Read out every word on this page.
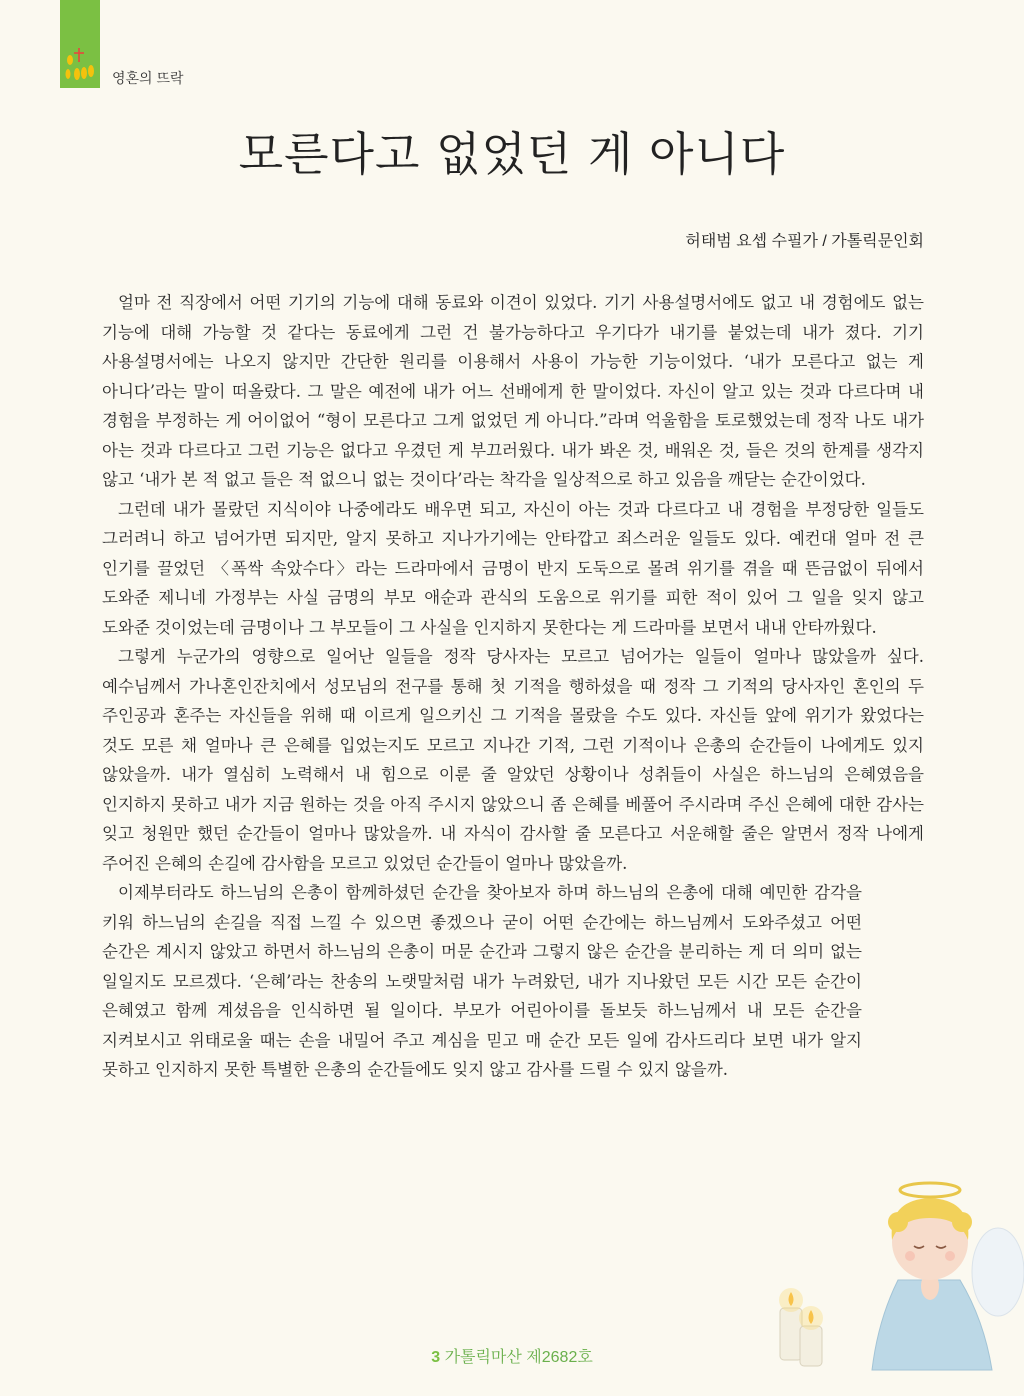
영혼의 뜨락
모른다고 없었던 게 아니다
허태범 요셉 수필가 / 가톨릭문인회

얼마 전 직장에서 어떤 기기의 기능에 대해 동료와 이견이 있었다. 기기 사용설명서에도 없고 내 경험에도 없는 기능에 대해 가능할 것 같다는 동료에게 그런 건 불가능하다고 우기다가 내기를 붙었는데 내가 졌다. 기기 사용설명서에는 나오지 않지만 간단한 원리를 이용해서 사용이 가능한 기능이었다. ‘내가 모른다고 없는 게 아니다’라는 말이 떠올랐다. 그 말은 예전에 내가 어느 선배에게 한 말이었다. 자신이 알고 있는 것과 다르다며 내 경험을 부정하는 게 어이없어 “형이 모른다고 그게 없었던 게 아니다.”라며 억울함을 토로했었는데 정작 나도 내가 아는 것과 다르다고 그런 기능은 없다고 우겼던 게 부끄러웠다. 내가 봐온 것, 배워온 것, 들은 것의 한계를 생각지 않고 ‘내가 본 적 없고 들은 적 없으니 없는 것이다’라는 착각을 일상적으로 하고 있음을 깨닫는 순간이었다.

그런데 내가 몰랐던 지식이야 나중에라도 배우면 되고, 자신이 아는 것과 다르다고 내 경험을 부정당한 일들도 그러려니 하고 넘어가면 되지만, 알지 못하고 지나가기에는 안타깝고 죄스러운 일들도 있다. 예컨대 얼마 전 큰 인기를 끌었던 〈폭싹 속았수다〉라는 드라마에서 금명이 반지 도둑으로 몰려 위기를 겪을 때 뜬금없이 뒤에서 도와준 제니네 가정부는 사실 금명의 부모 애순과 관식의 도움으로 위기를 피한 적이 있어 그 일을 잊지 않고 도와준 것이었는데 금명이나 그 부모들이 그 사실을 인지하지 못한다는 게 드라마를 보면서 내내 안타까웠다.

그렇게 누군가의 영향으로 일어난 일들을 정작 당사자는 모르고 넘어가는 일들이 얼마나 많았을까 싶다. 예수님께서 가나혼인잔치에서 성모님의 전구를 통해 첫 기적을 행하셨을 때 정작 그 기적의 당사자인 혼인의 두 주인공과 혼주는 자신들을 위해 때 이르게 일으키신 그 기적을 몰랐을 수도 있다. 자신들 앞에 위기가 왔었다는 것도 모른 채 얼마나 큰 은혜를 입었는지도 모르고 지나간 기적, 그런 기적이나 은총의 순간들이 나에게도 있지 않았을까. 내가 열심히 노력해서 내 힘으로 이룬 줄 알았던 상황이나 성취들이 사실은 하느님의 은혜였음을 인지하지 못하고 내가 지금 원하는 것을 아직 주시지 않았으니 좀 은혜를 베풀어 주시라며 주신 은혜에 대한 감사는 잊고 청원만 했던 순간들이 얼마나 많았을까. 내 자식이 감사할 줄 모른다고 서운해할 줄은 알면서 정작 나에게 주어진 은혜의 손길에 감사함을 모르고 있었던 순간들이 얼마나 많았을까.

이제부터라도 하느님의 은총이 함께하셨던 순간을 찾아보자 하며 하느님의 은총에 대해 예민한 감각을 키워 하느님의 손길을 직접 느낄 수 있으면 좋겠으나 굳이 어떤 순간에는 하느님께서 도와주셨고 어떤 순간은 계시지 않았고 하면서 하느님의 은총이 머문 순간과 그렇지 않은 순간을 분리하는 게 더 의미 없는 일일지도 모르겠다. ‘은혜’라는 찬송의 노랫말처럼 내가 누려왔던, 내가 지나왔던 모든 시간 모든 순간이 은혜였고 함께 계셨음을 인식하면 될 일이다. 부모가 어린아이를 돌보듯 하느님께서 내 모든 순간을 지켜보시고 위태로울 때는 손을 내밀어 주고 계심을 믿고 매 순간 모든 일에 감사드리다 보면 내가 알지 못하고 인지하지 못한 특별한 은총의 순간들에도 잊지 않고 감사를 드릴 수 있지 않을까.

3 가톨릭마산 제2682호
